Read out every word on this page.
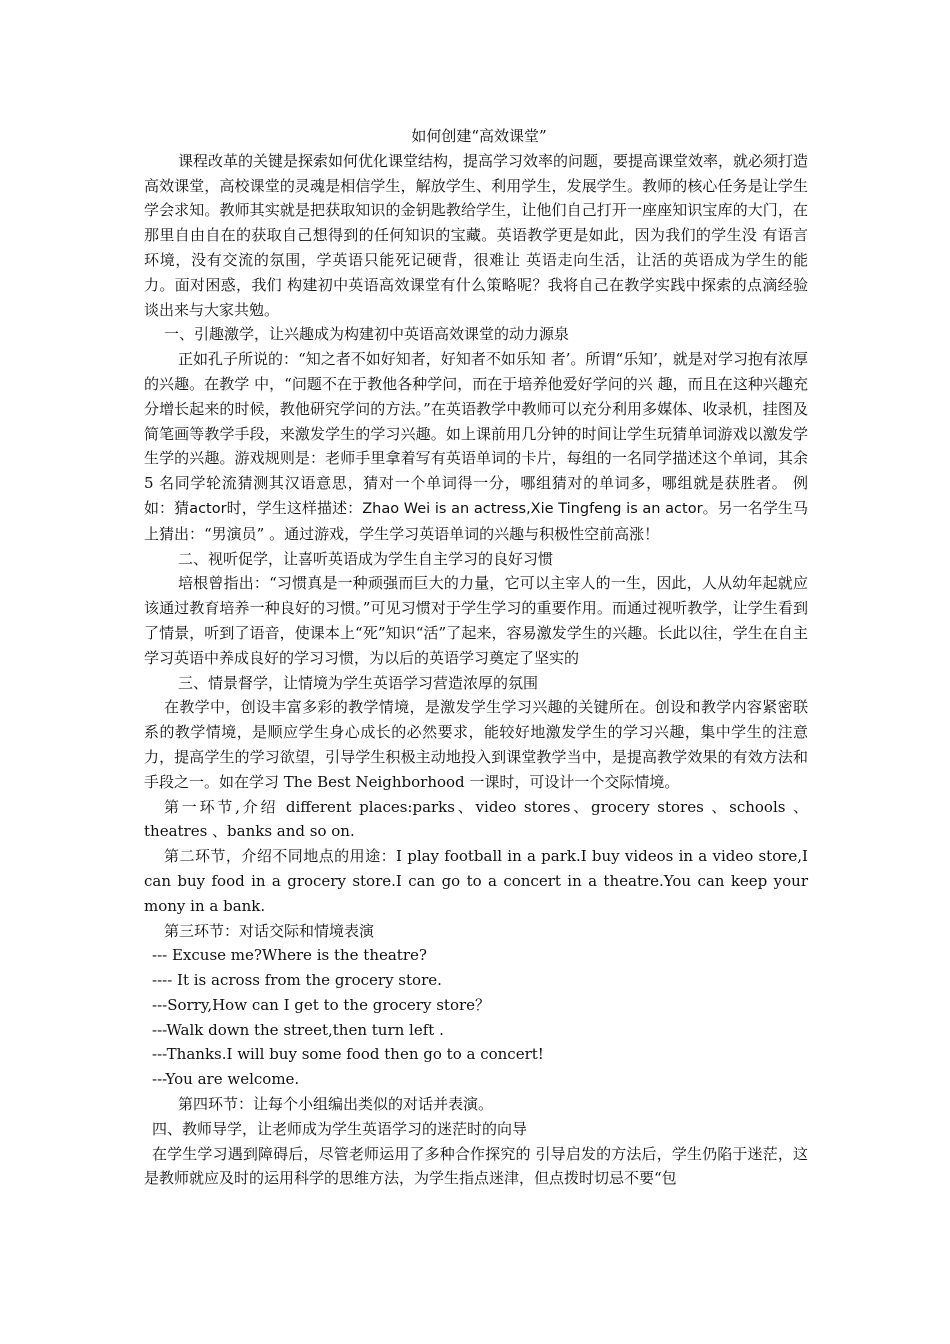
如何创建“高效课堂”

课程改革的关键是探索如何优化课堂结构，提高学习效率的问题，要提高课堂效率，就必须打造高效课堂，高校课堂的灵魂是相信学生，解放学生、利用学生，发展学生。教师的核心任务是让学生学会求知。教师其实就是把获取知识的金钥匙教给学生，让他们自己打开一座座知识宝库的大门，在那里自由自在的获取自己想得到的任何知识的宝藏。英语教学更是如此，因为我们的学生没 有语言环境，没有交流的氛围，学英语只能死记硬背，很难让 英语走向生活，让活的英语成为学生的能力。面对困惑，我们 构建初中英语高效课堂有什么策略呢？我将自己在教学实践中探索的点滴经验谈出来与大家共勉。

一、引趣激学，让兴趣成为构建初中英语高效课堂的动力源泉

正如孔子所说的：“知之者不如好知者，好知者不如乐知 者’。所谓“乐知’，就是对学习抱有浓厚的兴趣。在教学 中，“问题不在于教他各种学问，而在于培养他爱好学问的兴 趣，而且在这种兴趣充分增长起来的时候，教他研究学问的方法。”在英语教学中教师可以充分利用多媒体、收录机，挂图及简笔画等教学手段，来激发学生的学习兴趣。如上课前用几分钟的时间让学生玩猜单词游戏以激发学生学的兴趣。游戏规则是：老师手里拿着写有英语单词的卡片，每组的一名同学描述这个单词，其余 5 名同学轮流猜测其汉语意思，猜对一个单词得一分，哪组猜对的单词多，哪组就是获胜者。 例如：猜actor时，学生这样描述：Zhao Wei is an actress,Xie Tingfeng is an actor。另一名学生马上猜出：“男演员” 。通过游戏，学生学习英语单词的兴趣与积极性空前高涨！

二、视听促学，让喜听英语成为学生自主学习的良好习惯

培根曾指出：“习惯真是一种顽强而巨大的力量，它可以主宰人的一生，因此，人从幼年起就应该通过教育培养一种良好的习惯。”可见习惯对于学生学习的重要作用。而通过视听教学，让学生看到了情景，听到了语音，使课本上“死”知识“活”了起来，容易激发学生的兴趣。长此以往，学生在自主学习英语中养成良好的学习习惯，为以后的英语学习奠定了坚实的

三、情景督学，让情境为学生英语学习营造浓厚的氛围

在教学中，创设丰富多彩的教学情境，是激发学生学习兴趣的关键所在。创设和教学内容紧密联系的教学情境，是顺应学生身心成长的必然要求，能较好地激发学生的学习兴趣，集中学生的注意力，提高学生的学习欲望，引导学生积极主动地投入到课堂教学当中，是提高教学效果的有效方法和手段之一。如在学习 The Best Neighborhood 一课时，可设计一个交际情境。

第一环节,介绍 different places:parks、video stores、grocery stores 、schools 、theatres 、banks and so on.

第二环节，介绍不同地点的用途：I play football in a park.I buy videos in a video store,I can buy food in a grocery store.I can go to a concert in a theatre.You can keep your mony in a bank.

第三环节：对话交际和情境表演

--- Excuse me?Where is the theatre?

---- It is across from the grocery store.

---Sorry,How can I get to the grocery store？

---Walk down the street,then turn left .

---Thanks.I will buy some food then go to a concert!

---You are welcome.

第四环节：让每个小组编出类似的对话并表演。

四、教师导学，让老师成为学生英语学习的迷茫时的向导

在学生学习遇到障碍后，尽管老师运用了多种合作探究的 引导启发的方法后，学生仍陷于迷茫，这是教师就应及时的运用科学的思维方法，为学生指点迷津，但点拨时切忌不要“包
